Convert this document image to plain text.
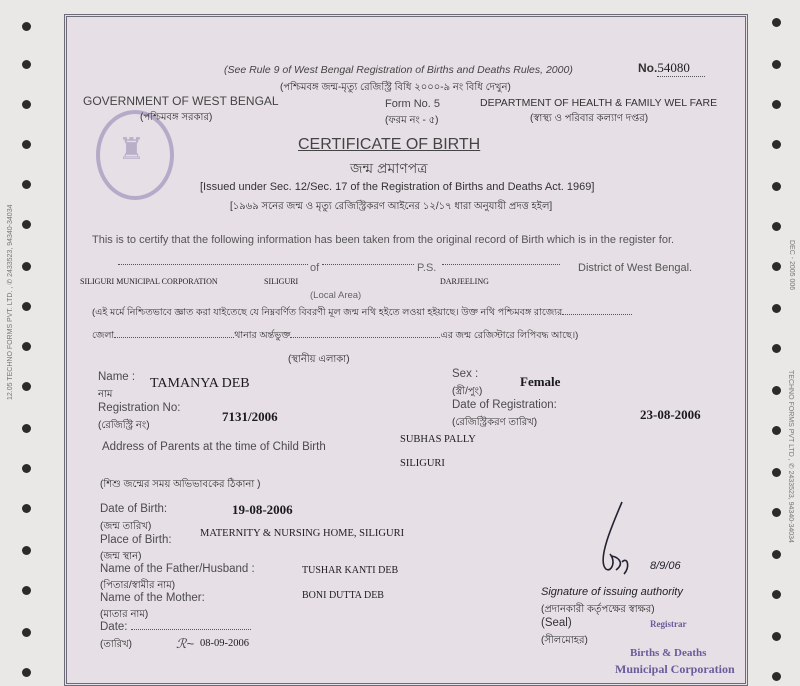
12.05 TECHNO FORMS PVT. LTD. , ✆ 2433523, 94340-34034	DEC - 2005 006
TECHNO FORMS PVT LTD , ✆ 2433523, 94340-34034
♜
(See Rule 9 of West Bengal Registration of Births and Deaths Rules, 2000)	No.54080
(পশ্চিমবঙ্গ জন্ম-মৃত্যু রেজিস্ট্রি বিধি ২০০০-৯ নং বিধি দেখুন)
GOVERNMENT OF WEST BENGAL
(পশ্চিমবঙ্গ সরকার)
Form No. 5
(ফরম নং - ৫)
DEPARTMENT OF HEALTH & FAMILY WEL FARE
(স্বাস্থ্য ও পরিবার কল্যাণ দপ্তর)
CERTIFICATE OF BIRTH
জন্ম প্রমাণপত্র
[Issued under Sec. 12/Sec. 17 of the Registration of Births and Deaths Act. 1969]
[১৯৬৯ সনের জন্ম ও মৃত্যু রেজিস্ট্রিকরণ আইনের ১২/১৭ ধারা অনুযায়ী প্রদত্ত হইল]
This is to certify that the following information has been taken from the original record of Birth which is in the register for.
of	P.S.	District of West Bengal.
SILIGURI MUNICIPAL CORPORATION	SILIGURI	DARJEELING
(Local Area)
(এই মর্মে নিশ্চিতভাবে জ্ঞাত করা যাইতেছে যে নিম্নবর্ণিত বিবরণী মূল জন্ম নথি হইতে লওয়া হইয়াছে। উক্ত নথি পশ্চিমবঙ্গ রাজ্যের
জেলা	থানার অর্ন্তভুক্ত	এর জন্ম রেজিস্টারে লিপিবদ্ধ আছে।)
(স্থানীয় এলাকা)
Name :
নাম
TAMANYA DEB
Sex :
(স্ত্রী/পুং)
Female
Registration No:
(রেজিস্ট্রি নং)
7131/2006
Date of Registration:
(রেজিস্ট্রিকরণ তারিখ)
23-08-2006
Address of Parents at the time of Child Birth
(শিশু জন্মের সময় অভিভাবকের ঠিকানা )
SUBHAS PALLY
SILIGURI
Date of Birth:
(জন্ম তারিখ)
19-08-2006
Place of Birth:
(জন্ম স্থান)
MATERNITY & NURSING HOME, SILIGURI
Name of the Father/Husband :
(পিতার/স্বামীর নাম)
TUSHAR KANTI DEB
Name of the Mother:
(মাতার নাম)
BONI DUTTA DEB
Date:
(তারিখ)	ℛ~ 08-09-2006
8/9/06
Signature of issuing authority
(প্রদানকারী কর্তৃপক্ষের স্বাক্ষর)
(Seal)
(সীলমোহর)
Registrar
Births & Deaths
Municipal Corporation
